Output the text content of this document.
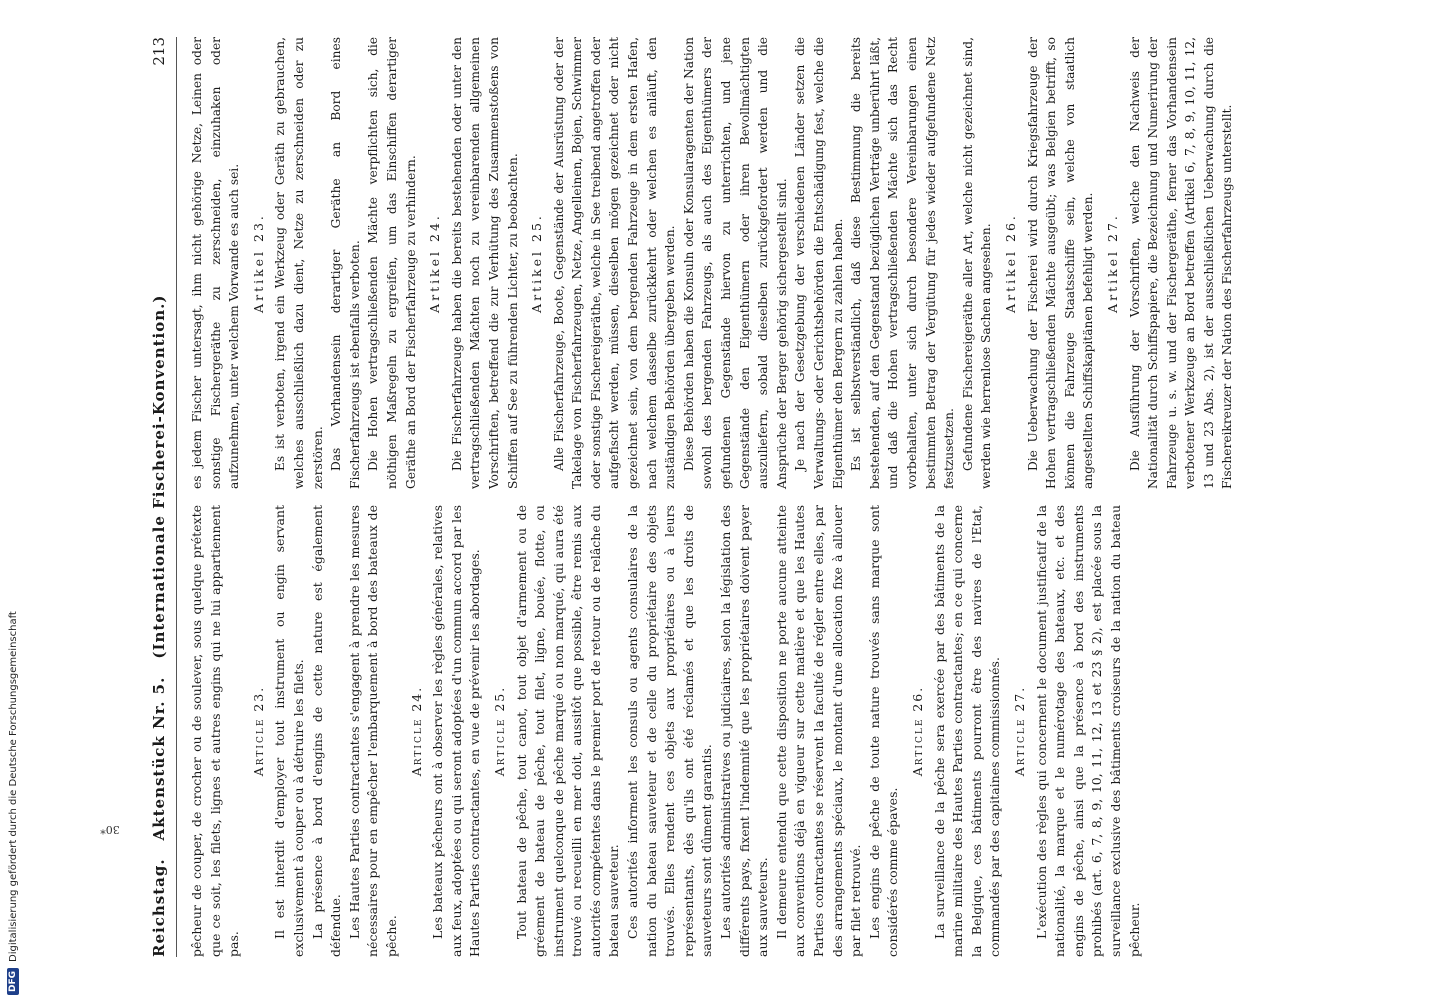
DFG
Digitalisierung gefördert durch die Deutsche Forschungsgemeinschaft	30*
Reichstag.Aktenstück Nr. 5.(Internationale Fischerei-Konvention.)
213

pêcheur de couper, de crocher ou de soulever, sous quelque prétexte que ce soit, les filets, lignes et autres engins qui ne lui appartiennent pas.

Article 23. Il est interdit d'employer tout instrument ou engin servant exclusivement à couper ou à détruire les filets. La présence à bord d'engins de cette nature est également défendue. Les Hautes Parties contractantes s'engagent à prendre les mesures nécessaires pour en empêcher l'embarquement à bord des bateaux de pêche.

Article 24. Les bateaux pêcheurs ont à observer les règles générales, relatives aux feux, adoptées ou qui seront adoptées d'un commun accord par les Hautes Parties contractantes, en vue de prévenir les abordages. Article 25. Tout bateau de pêche, tout canot, tout objet d'armement ou de gréement de bateau de pêche, tout filet, ligne, bouée, flotte, ou instrument quelconque de pêche marqué ou non marqué, qui aura été trouvé ou recueilli en mer doit, aussitôt que possible, être remis aux autorités compétentes dans le premier port de retour ou de relâche du bateau sauveteur. Ces autorités informent les consuls ou agents consulaires de la nation du bateau sauveteur et de celle du propriétaire des objets trouvés. Elles rendent ces objets aux propriétaires ou à leurs représentants, dès qu'ils ont été réclamés et que les droits de sauveteurs sont dûment garantis. Les autorités administratives ou judiciaires, selon la législation des différents pays, fixent l'indemnité que les propriétaires doivent payer aux sauveteurs. Il demeure entendu que cette disposition ne porte aucune atteinte aux conventions déjà en vigueur sur cette matière et que les Hautes Parties contractantes se réservent la faculté de régler entre elles, par des arrangements spéciaux, le montant d'une allocation fixe à allouer par filet retrouvé. Les engins de pêche de toute nature trouvés sans marque sont considérés comme épaves.

Article 26. La surveillance de la pêche sera exercée par des bâtiments de la marine militaire des Hautes Parties contractantes; en ce qui concerne la Belgique, ces bâtiments pourront être des navires de l'Etat, commandés par des capitaines commissionnés. Article 27. L'exécution des règles qui concernent le document justificatif de la nationalité, la marque et le numérotage des bateaux, etc. et des engins de pêche, ainsi que la présence à bord des instruments prohibés (art. 6, 7, 8, 9, 10, 11, 12, 13 et 23 § 2), est placée sous la surveillance exclusive des bâtiments croiseurs de la nation du bateau pêcheur.

es jedem Fischer untersagt, ihm nicht gehörige Netze, Leinen oder sonstige Fischergeräthe zu zerschneiden, einzuhaken oder aufzunehmen, unter welchem Vorwande es auch sei. Artikel 23. Es ist verboten, irgend ein Werkzeug oder Geräth zu gebrauchen, welches ausschließlich dazu dient, Netze zu zerschneiden oder zu zerstören. Das Vorhandensein derartiger Geräthe an Bord eines Fischerfahrzeugs ist ebenfalls verboten. Die Hohen vertragschließenden Mächte verpflichten sich, die nöthigen Maßregeln zu ergreifen, um das Einschiffen derartiger Geräthe an Bord der Fischerfahrzeuge zu verhindern. Artikel 24. Die Fischerfahrzeuge haben die bereits bestehenden oder unter den vertragschließenden Mächten noch zu vereinbarenden allgemeinen Vorschriften, betreffend die zur Verhütung des Zusammenstoßens von Schiffen auf See zu führenden Lichter, zu beobachten. Artikel 25. Alle Fischerfahrzeuge, Boote, Gegenstände der Ausrüstung oder der Takelage von Fischerfahrzeugen, Netze, Angelleinen, Bojen, Schwimmer oder sonstige Fischereigeräthe, welche in See treibend angetroffen oder aufgefischt werden, müssen, dieselben mögen gezeichnet oder nicht gezeichnet sein, von dem bergenden Fahrzeuge in dem ersten Hafen, nach welchem dasselbe zurückkehrt oder welchen es anläuft, den zuständigen Behörden übergeben werden. Diese Behörden haben die Konsuln oder Konsularagenten der Nation sowohl des bergenden Fahrzeugs, als auch des Eigenthümers der gefundenen Gegenstände hiervon zu unterrichten, und jene Gegenstände den Eigenthümern oder ihren Bevollmächtigten auszuliefern, sobald dieselben zurückgefordert werden und die Ansprüche der Berger gehörig sichergestellt sind. Je nach der Gesetzgebung der verschiedenen Länder setzen die Verwaltungs- oder Gerichtsbehörden die Entschädigung fest, welche die Eigenthümer den Bergern zu zahlen haben. Es ist selbstverständlich, daß diese Bestimmung die bereits bestehenden, auf den Gegenstand bezüglichen Verträge unberührt läßt, und daß die Hohen vertragschließenden Mächte sich das Recht vorbehalten, unter sich durch besondere Vereinbarungen einen bestimmten Betrag der Vergütung für jedes wieder aufgefundene Netz festzusetzen. Gefundene Fischereigeräthe aller Art, welche nicht gezeichnet sind, werden wie herrenlose Sachen angesehen. Artikel 26. Die Ueberwachung der Fischerei wird durch Kriegsfahrzeuge der Hohen vertragschließenden Mächte ausgeübt; was Belgien betrifft, so können die Fahrzeuge Staatsschiffe sein, welche von staatlich angestellten Schiffskapitänen befehligt werden. Artikel 27. Die Ausführung der Vorschriften, welche den Nachweis der Nationalität durch Schiffspapiere, die Bezeichnung und Numerirung der Fahrzeuge u. s. w. und der Fischergeräthe, ferner das Vorhandensein verbotener Werkzeuge an Bord betreffen (Artikel 6, 7, 8, 9, 10, 11, 12, 13 und 23 Abs. 2), ist der ausschließlichen Ueberwachung durch die Fischereikreuzer der Nation des Fischerfahrzeugs unterstellt.
